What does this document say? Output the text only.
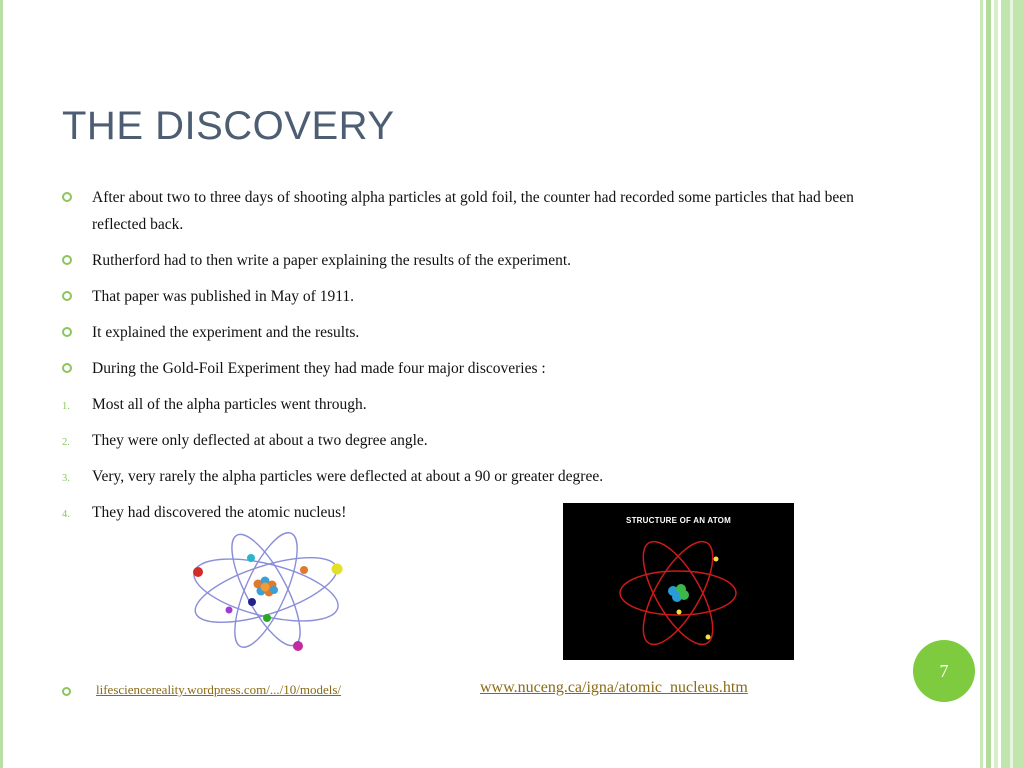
THE DISCOVERY
After about two to three days of shooting alpha particles at gold foil, the counter had recorded some particles that had been reflected back.
Rutherford had to then write a paper explaining the results of the experiment.
That paper was published in May of 1911.
It explained the experiment and the results.
During the Gold-Foil Experiment they had made four major discoveries :
1. Most all of the alpha particles went through.
2. They were only deflected at about a two degree angle.
3. Very, very rarely the alpha particles were deflected at about a 90 or greater degree.
4. They had discovered the atomic nucleus!	STRUCTURE OF AN ATOM
lifesciencereality.wordpress.com/.../10/models/	www.nuceng.ca/igna/atomic_nucleus.htm
7
